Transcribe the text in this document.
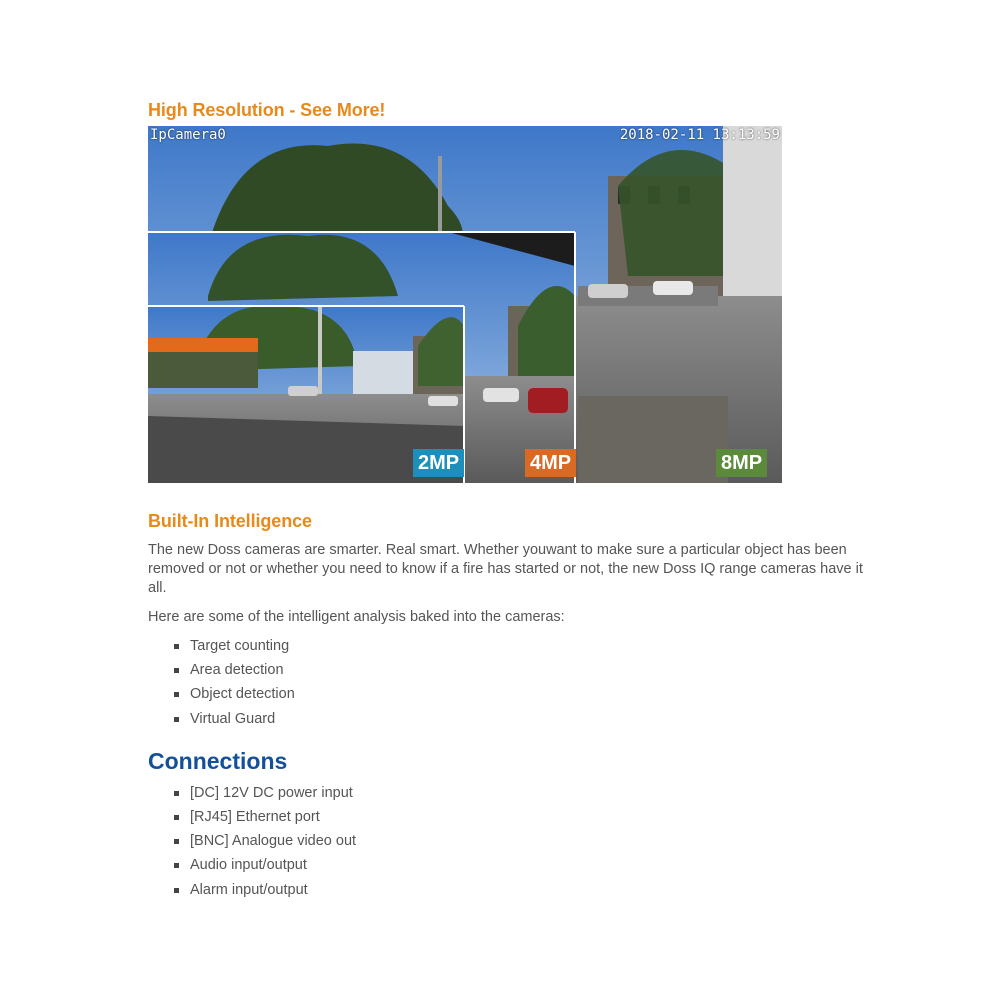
High Resolution - See More!
IpCamera0	2018-02-11 13:13:59
2MP	4MP	8MP
Built-In Intelligence

The new Doss cameras are smarter. Real smart. Whether youwant to make sure a particular object has been removed or not or whether you need to know if a fire has started or not, the new Doss IQ range cameras have it all.

Here are some of the intelligent analysis baked into the cameras:

Target counting
Area detection
Object detection
Virtual Guard
Connections
[DC] 12V DC power input
[RJ45] Ethernet port
[BNC] Analogue video out
Audio input/output
Alarm input/output
